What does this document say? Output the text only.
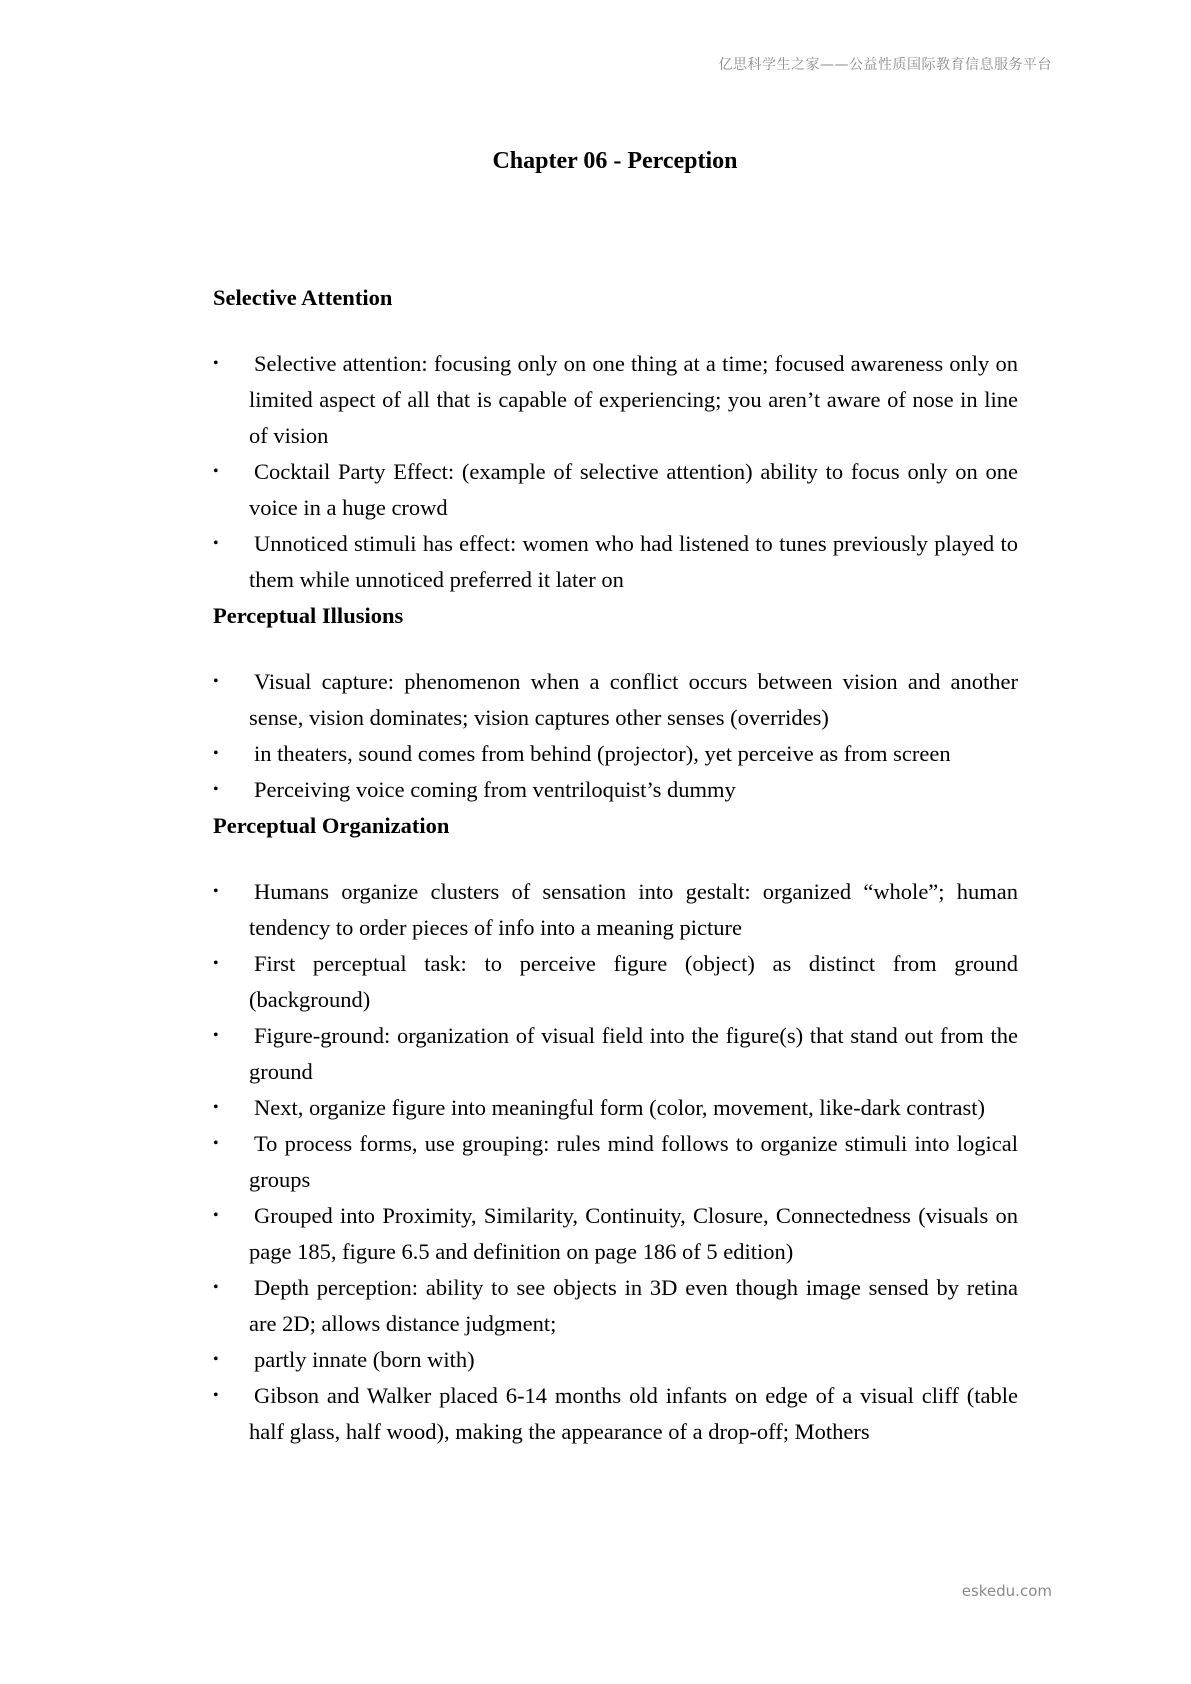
亿思科学生之家——公益性质国际教育信息服务平台
Chapter 06 - Perception

Selective Attention

• Selective attention: focusing only on one thing at a time; focused awareness only on limited aspect of all that is capable of experiencing; you aren’t aware of nose in line of vision
• Cocktail Party Effect: (example of selective attention) ability to focus only on one voice in a huge crowd
• Unnoticed stimuli has effect: women who had listened to tunes previously played to them while unnoticed preferred it later on

Perceptual Illusions

• Visual capture: phenomenon when a conflict occurs between vision and another sense, vision dominates; vision captures other senses (overrides)
• in theaters, sound comes from behind (projector), yet perceive as from screen
• Perceiving voice coming from ventriloquist’s dummy

Perceptual Organization

• Humans organize clusters of sensation into gestalt: organized “whole”; human tendency to order pieces of info into a meaning picture
• First perceptual task: to perceive figure (object) as distinct from ground (background)
• Figure-ground: organization of visual field into the figure(s) that stand out from the ground
• Next, organize figure into meaningful form (color, movement, like-dark contrast)
• To process forms, use grouping: rules mind follows to organize stimuli into logical groups
• Grouped into Proximity, Similarity, Continuity, Closure, Connectedness (visuals on page 185, figure 6.5 and definition on page 186 of 5 edition)
• Depth perception: ability to see objects in 3D even though image sensed by retina are 2D; allows distance judgment;
• partly innate (born with)
• Gibson and Walker placed 6-14 months old infants on edge of a visual cliff (table half glass, half wood), making the appearance of a drop-off; Mothers
eskedu.com
